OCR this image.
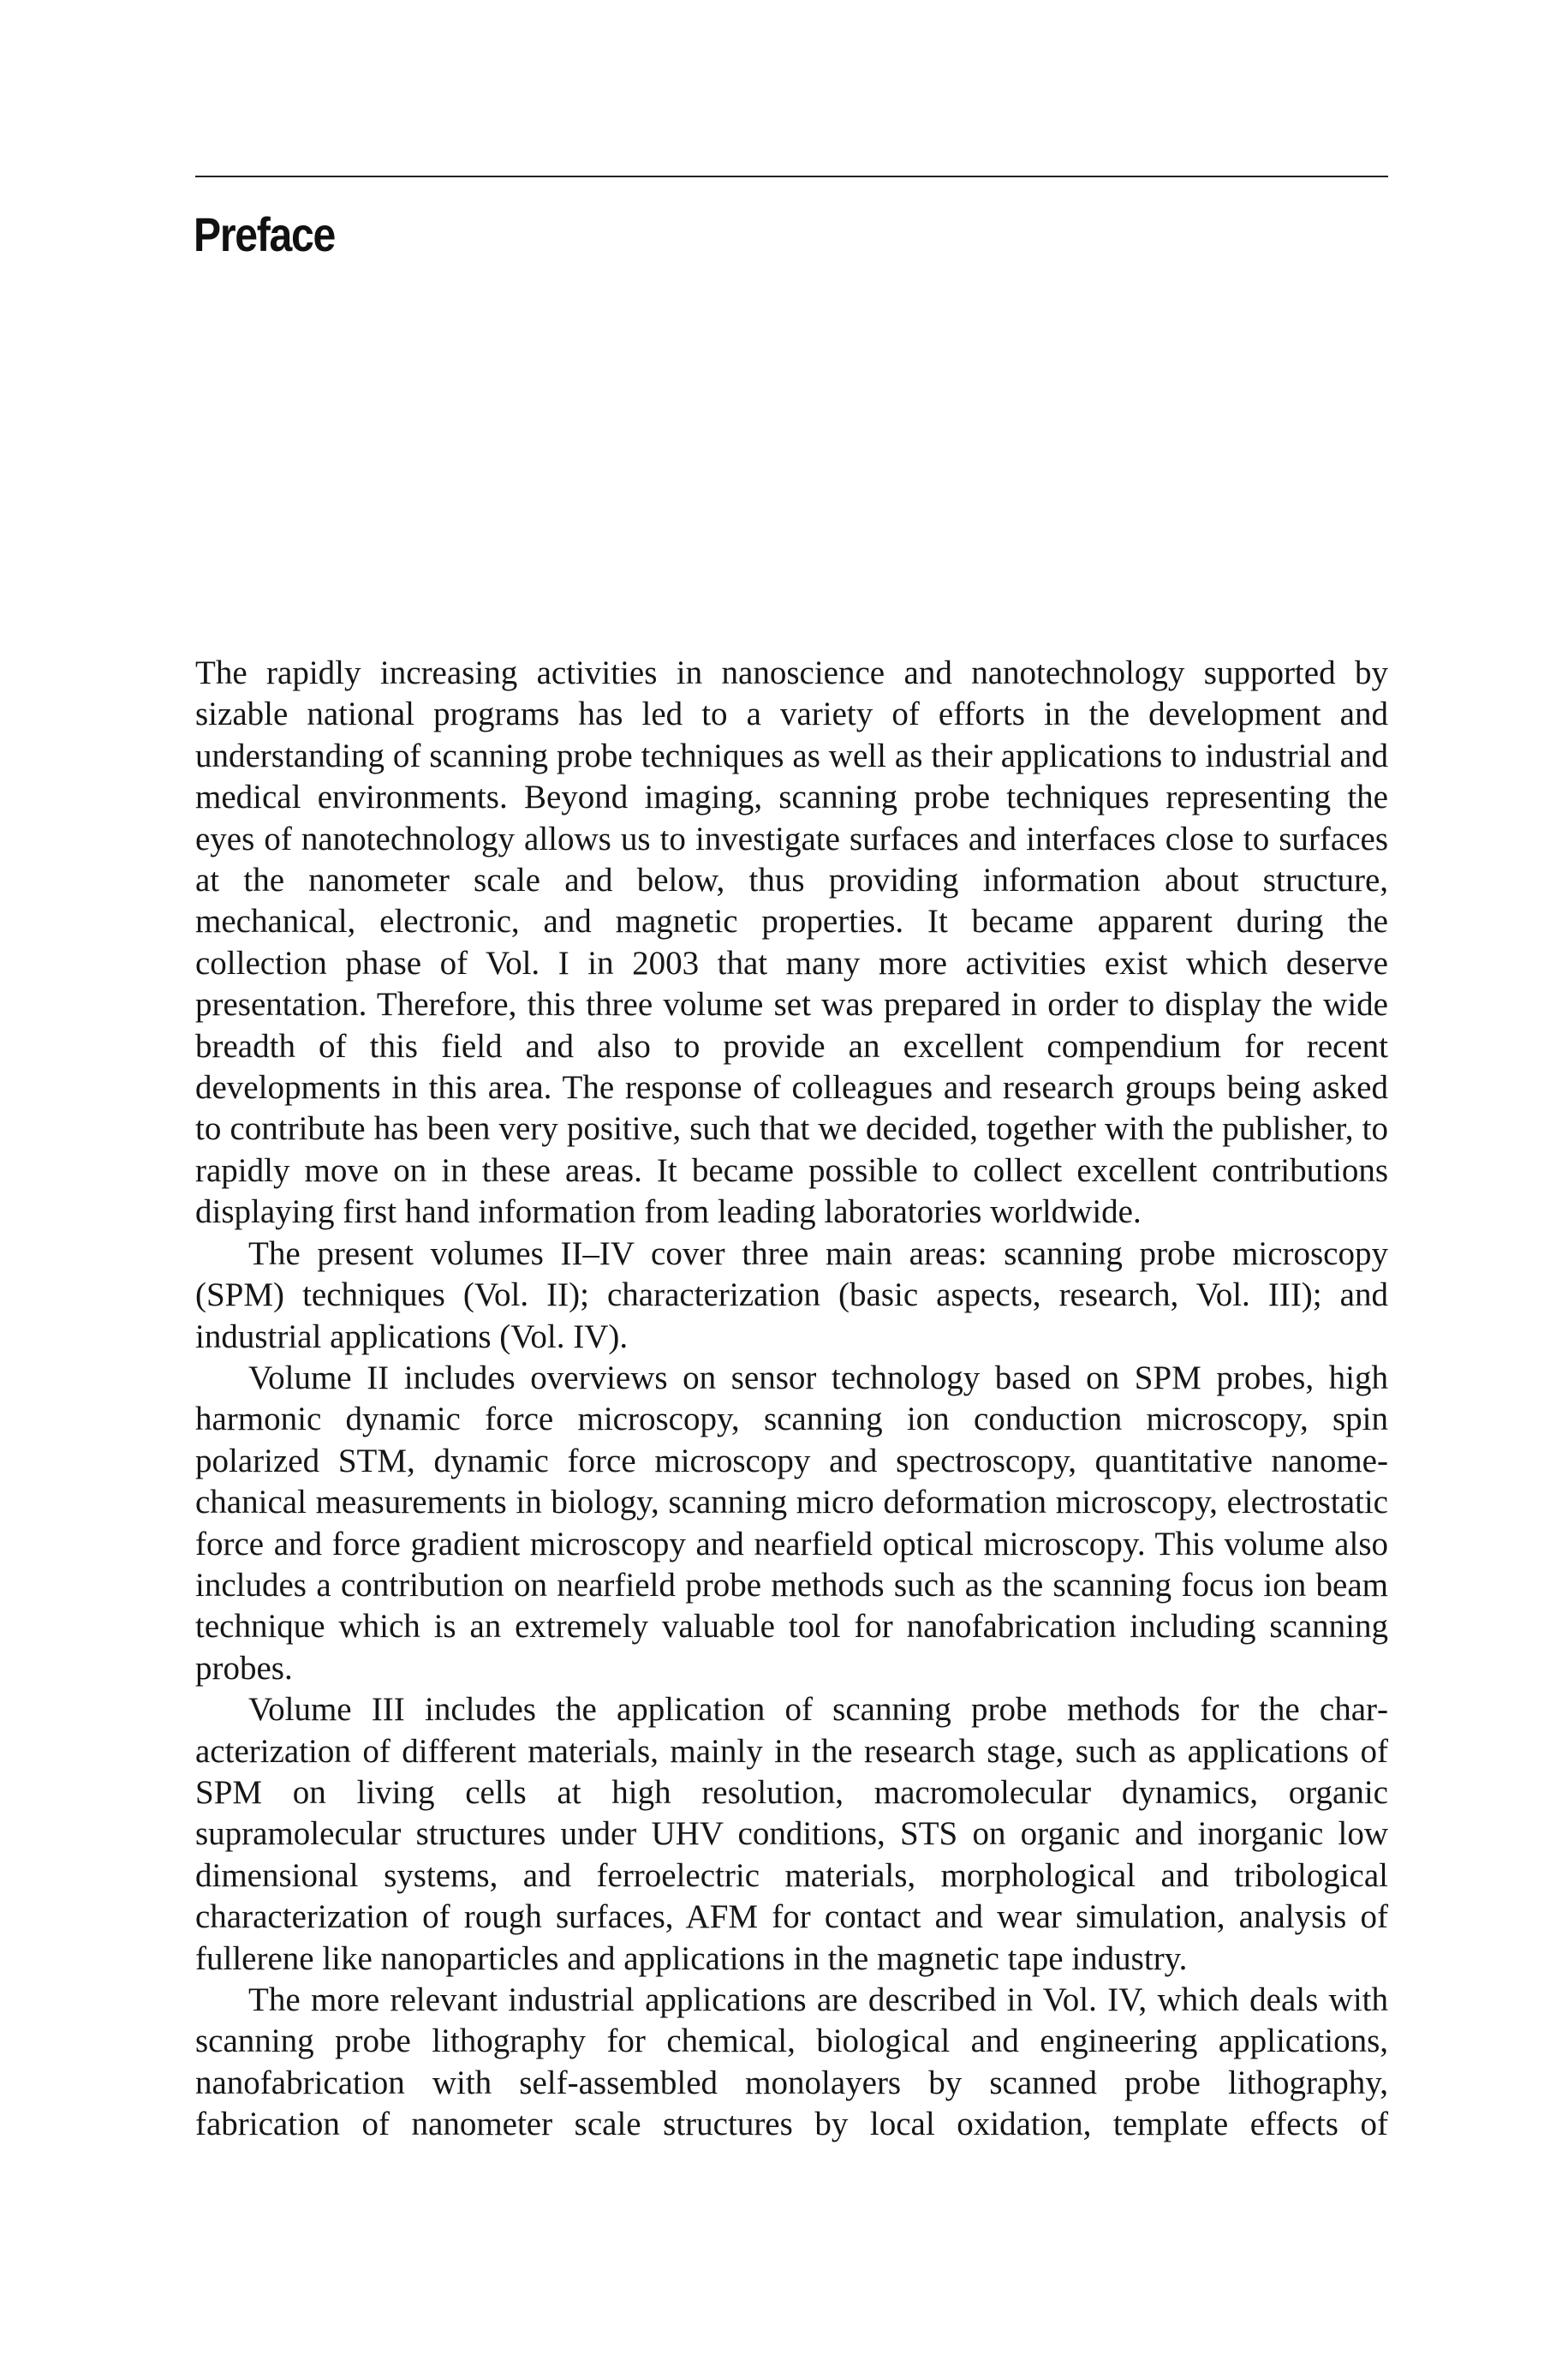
Preface

The rapidly increasing activities in nanoscience and nanotechnology supported by sizable national programs has led to a variety of efforts in the development and understanding of scanning probe techniques as well as their applications to industrial and medical environments. Beyond imaging, scanning probe techniques representing the eyes of nanotechnology allows us to investigate surfaces and interfaces close to surfaces at the nanometer scale and below, thus providing information about structure, mechanical, electronic, and magnetic properties. It became apparent during the collection phase of Vol. I in 2003 that many more activities exist which deserve presentation. Therefore, this three volume set was prepared in order to display the wide breadth of this field and also to provide an excellent compendium for recent developments in this area. The response of colleagues and research groups being asked to contribute has been very positive, such that we decided, together with the publisher, to rapidly move on in these areas. It became possible to collect excellent contributions displaying first hand information from leading laboratories worldwide.

The present volumes II–IV cover three main areas: scanning probe microscopy (SPM) techniques (Vol. II); characterization (basic aspects, research, Vol. III); and industrial applications (Vol. IV).

Volume II includes overviews on sensor technology based on SPM probes, high harmonic dynamic force microscopy, scanning ion conduction microscopy, spin polarized STM, dynamic force microscopy and spectroscopy, quantitative nanomechanical measurements in biology, scanning micro deformation microscopy, electrostatic force and force gradient microscopy and nearfield optical microscopy. This volume also includes a contribution on nearfield probe methods such as the scanning focus ion beam technique which is an extremely valuable tool for nanofabrication including scanning probes.

Volume III includes the application of scanning probe methods for the characterization of different materials, mainly in the research stage, such as applications of SPM on living cells at high resolution, macromolecular dynamics, organic supramolecular structures under UHV conditions, STS on organic and inorganic low dimensional systems, and ferroelectric materials, morphological and tribological characterization of rough surfaces, AFM for contact and wear simulation, analysis of fullerene like nanoparticles and applications in the magnetic tape industry.

The more relevant industrial applications are described in Vol. IV, which deals with scanning probe lithography for chemical, biological and engineering applications, nanofabrication with self-assembled monolayers by scanned probe lithography, fabrication of nanometer scale structures by local oxidation, template effects of
